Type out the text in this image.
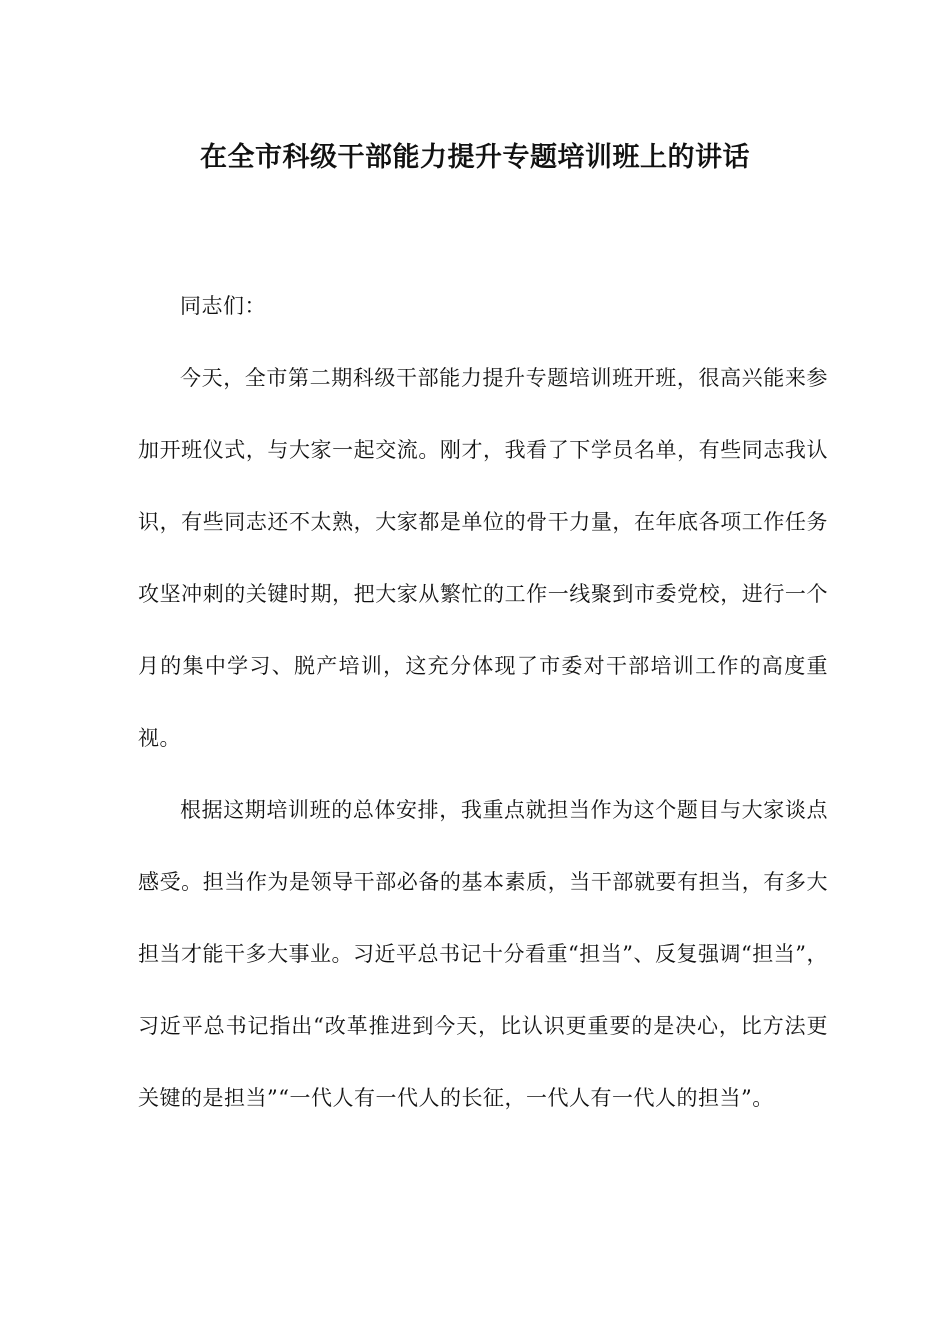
在全市科级干部能力提升专题培训班上的讲话

同志们：

今天，全市第二期科级干部能力提升专题培训班开班，很高兴能来参加开班仪式，与大家一起交流。刚才，我看了下学员名单，有些同志我认识，有些同志还不太熟，大家都是单位的骨干力量，在年底各项工作任务攻坚冲刺的关键时期，把大家从繁忙的工作一线聚到市委党校，进行一个月的集中学习、脱产培训，这充分体现了市委对干部培训工作的高度重视。

根据这期培训班的总体安排，我重点就担当作为这个题目与大家谈点感受。担当作为是领导干部必备的基本素质，当干部就要有担当，有多大担当才能干多大事业。习近平总书记十分看重“担当”、反复强调“担当”，习近平总书记指出“改革推进到今天，比认识更重要的是决心，比方法更关键的是担当”“一代人有一代人的长征，一代人有一代人的担当”。
